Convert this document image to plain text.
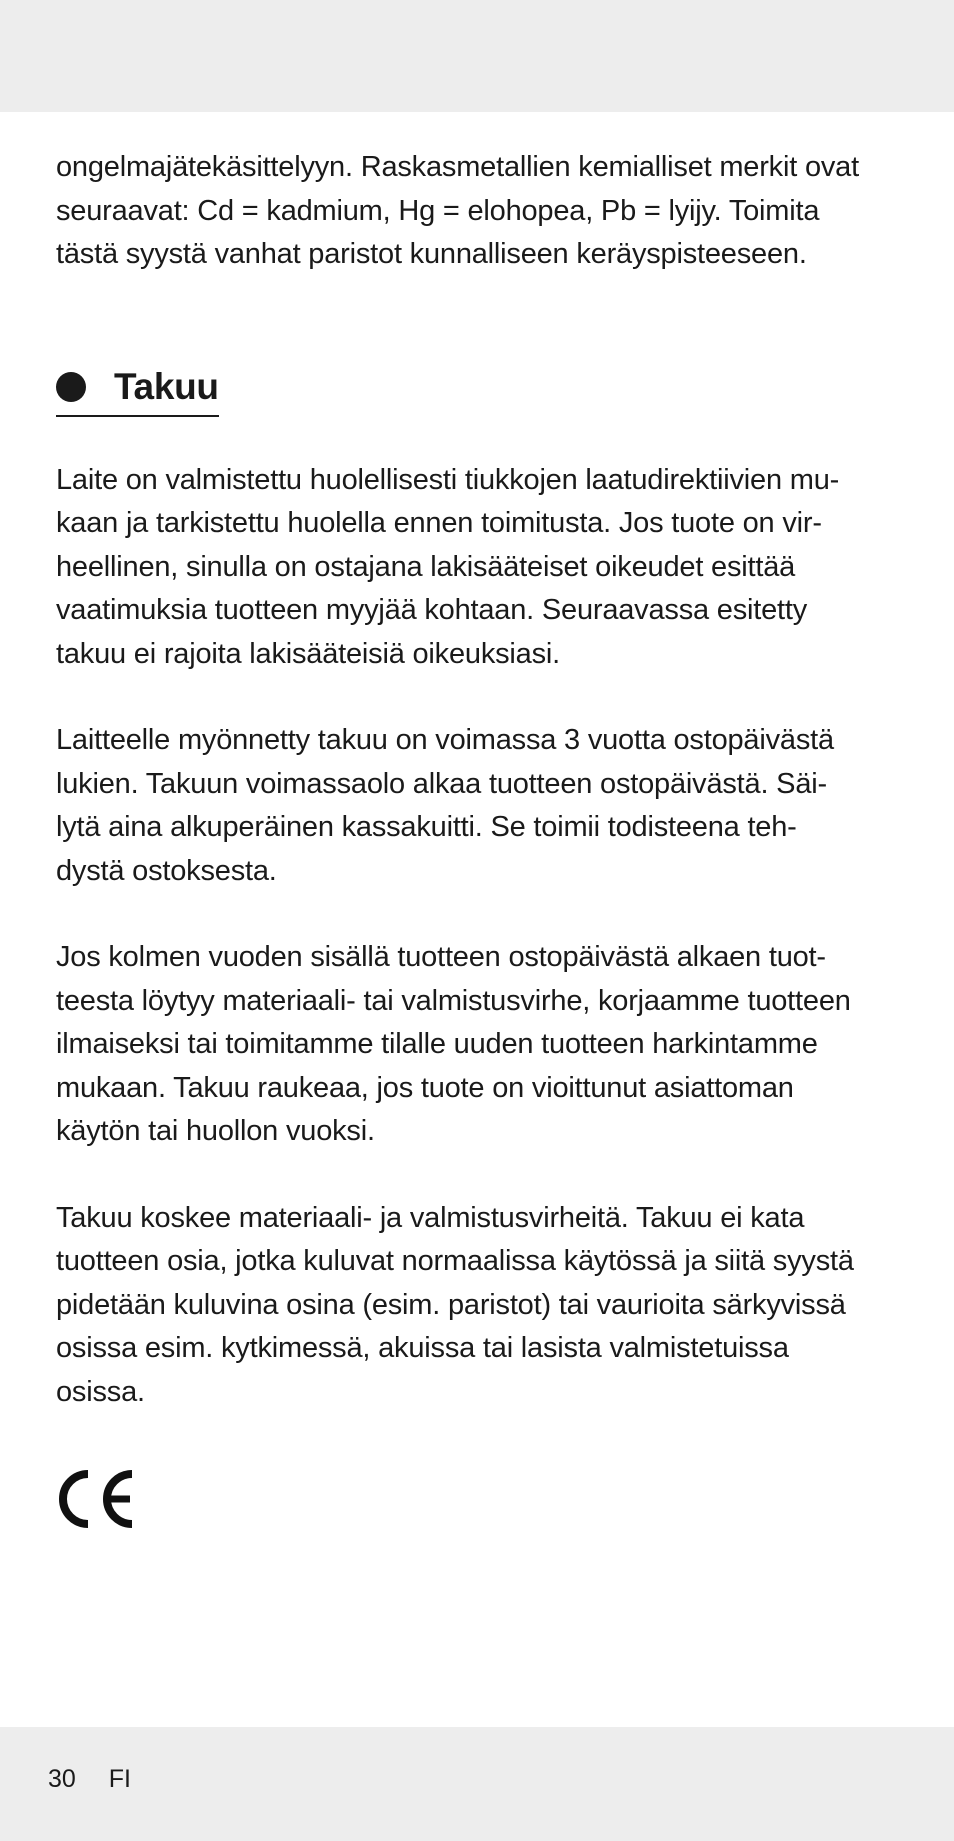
ongelmajätekäsittelyyn. Raskasmetallien kemialliset merkit ovat
seuraavat: Cd = kadmium, Hg = elohopea, Pb = lyijy. Toimita
tästä syystä vanhat paristot kunnalliseen keräyspisteeseen.

Takuu

Laite on valmistettu huolellisesti tiukkojen laatudirektiivien mu-
kaan ja tarkistettu huolella ennen toimitusta. Jos tuote on vir-
heellinen, sinulla on ostajana lakisääteiset oikeudet esittää
vaatimuksia tuotteen myyjää kohtaan. Seuraavassa esitetty
takuu ei rajoita lakisääteisiä oikeuksiasi.

Laitteelle myönnetty takuu on voimassa 3 vuotta ostopäivästä
lukien. Takuun voimassaolo alkaa tuotteen ostopäivästä. Säi-
lytä aina alkuperäinen kassakuitti. Se toimii todisteena teh-
dystä ostoksesta.

Jos kolmen vuoden sisällä tuotteen ostopäivästä alkaen tuot-
teesta löytyy materiaali- tai valmistusvirhe, korjaamme tuotteen
ilmaiseksi tai toimitamme tilalle uuden tuotteen harkintamme
mukaan. Takuu raukeaa, jos tuote on vioittunut asiattoman
käytön tai huollon vuoksi.

Takuu koskee materiaali- ja valmistusvirheitä. Takuu ei kata
tuotteen osia, jotka kuluvat normaalissa käytössä ja siitä syystä
pidetään kuluvina osina (esim. paristot) tai vaurioita särkyvissä
osissa esim. kytkimessä, akuissa tai lasista valmistetuissa
osissa.

30 FI
